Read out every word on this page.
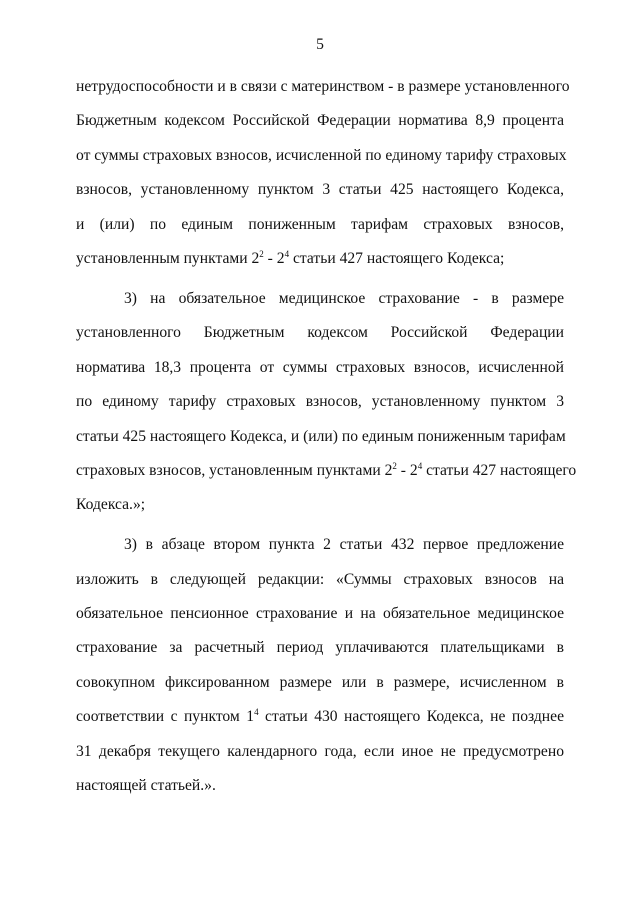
5
нетрудоспособности и в связи с материнством - в размере установленного
Бюджетным кодексом Российской Федерации норматива 8,9 процента
от суммы страховых взносов, исчисленной по единому тарифу страховых
взносов, установленному пунктом 3 статьи 425 настоящего Кодекса,
и (или) по единым пониженным тарифам страховых взносов,
установленным пунктами $2^2 - 2^4$ статьи 427 настоящего Кодекса;
3) на обязательное медицинское страхование - в размере
установленного Бюджетным кодексом Российской Федерации
норматива 18,3 процента от суммы страховых взносов, исчисленной
по единому тарифу страховых взносов, установленному пунктом 3
статьи 425 настоящего Кодекса, и (или) по единым пониженным тарифам
страховых взносов, установленным пунктами $2^2 - 2^4$ статьи 427 настоящего
Кодекса.»;
3) в абзаце втором пункта 2 статьи 432 первое предложение
изложить в следующей редакции: «Суммы страховых взносов на
обязательное пенсионное страхование и на обязательное медицинское
страхование за расчетный период уплачиваются плательщиками в
совокупном фиксированном размере или в размере, исчисленном в
соответствии с пунктом $1^4$ статьи 430 настоящего Кодекса, не позднее
31 декабря текущего календарного года, если иное не предусмотрено
настоящей статьей.».
